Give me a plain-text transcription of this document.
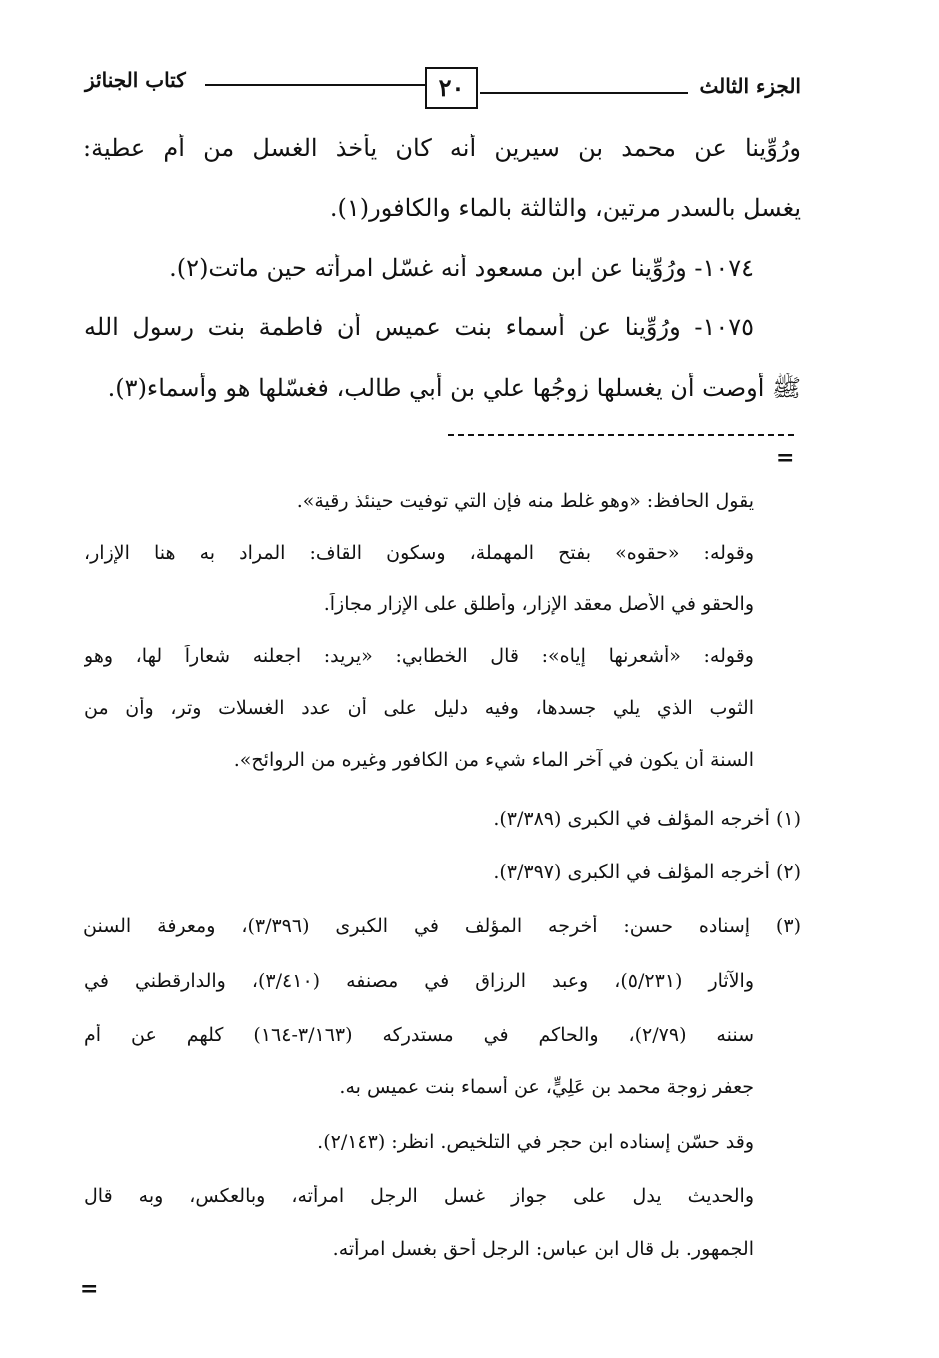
الجزء الثالث
٢٠
كتاب الجنائز
ورُوِّينا عن محمد بن سيرين أنه كان يأخذ الغسل من أم عطية:
يغسل بالسدر مرتين، والثالثة بالماء والكافور(١).
١٠٧٤- ورُوِّينا عن ابن مسعود أنه غسّل امرأته حين ماتت(٢).
١٠٧٥- ورُوِّينا عن أسماء بنت عميس أن فاطمة بنت رسول الله
ﷺ أوصت أن يغسلها زوجُها علي بن أبي طالب، فغسّلها هو وأسماء(٣).
=
يقول الحافظ: «وهو غلط منه فإن التي توفيت حينئذ رقية».
وقوله: «حقوه» بفتح المهملة، وسكون القاف: المراد به هنا الإزار،
والحقو في الأصل معقد الإزار، وأطلق على الإزار مجازاً.
وقوله: «أشعرنها إياه»: قال الخطابي: «يريد: اجعلنه شعاراً لها، وهو
الثوب الذي يلي جسدها، وفيه دليل على أن عدد الغسلات وتر، وأن من
السنة أن يكون في آخر الماء شيء من الكافور وغيره من الروائح».
(١) أخرجه المؤلف في الكبرى (٣/٣٨٩).
(٢) أخرجه المؤلف في الكبرى (٣/٣٩٧).
(٣) إسناده حسن: أخرجه المؤلف في الكبرى (٣/٣٩٦)، ومعرفة السنن
والآثار (٥/٢٣١)، وعبد الرزاق في مصنفه (٣/٤١٠)، والدارقطني في
سننه (٢/٧٩)، والحاكم في مستدركه (٣/١٦٣-١٦٤) كلهم عن أم
جعفر زوجة محمد بن عَلِيٍّ، عن أسماء بنت عميس به.
وقد حسّن إسناده ابن حجر في التلخيص. انظر: (٢/١٤٣).
والحديث يدل على جواز غسل الرجل امرأته، وبالعكس، وبه قال
الجمهور. بل قال ابن عباس: الرجل أحق بغسل امرأته.
=
